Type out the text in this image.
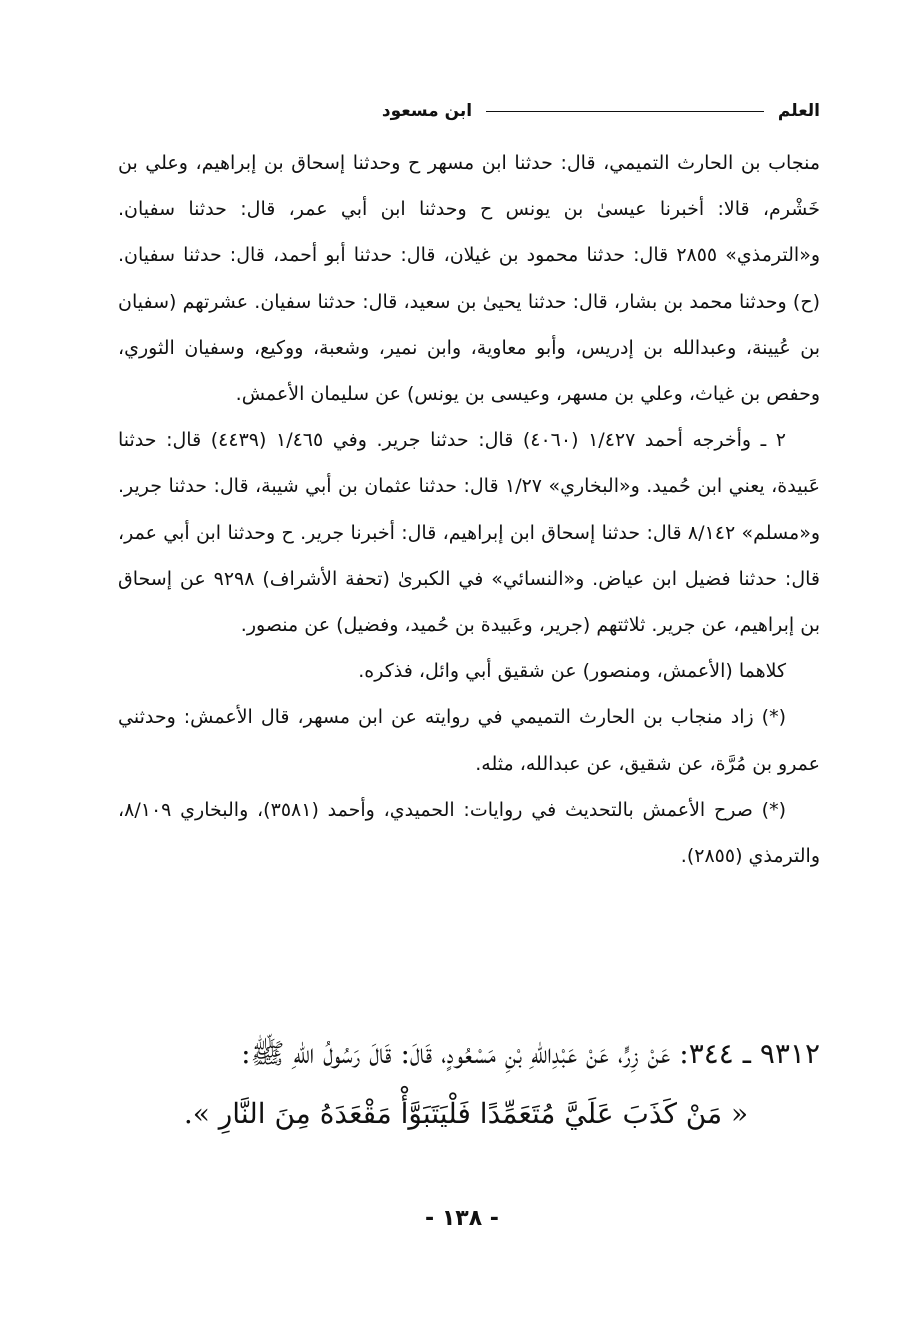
العلم
ابن مسعود

منجاب بن الحارث التميمي، قال: حدثنا ابن مسهر ح وحدثنا إسحاق بن إبراهيم، وعلي بن خَشْرم، قالا: أخبرنا عيسىٰ بن يونس ح وحدثنا ابن أبي عمر، قال: حدثنا سفيان. و«الترمذي» ٢٨٥٥ قال: حدثنا محمود بن غيلان، قال: حدثنا أبو أحمد، قال: حدثنا سفيان. (ح) وحدثنا محمد بن بشار، قال: حدثنا يحيىٰ بن سعيد، قال: حدثنا سفيان. عشرتهم (سفيان بن عُيينة، وعبدالله بن إدريس، وأبو معاوية، وابن نمير، وشعبة، ووكيع، وسفيان الثوري، وحفص بن غياث، وعلي بن مسهر، وعيسى بن يونس) عن سليمان الأعمش.

٢ ـ وأخرجه أحمد ١/٤٢٧ (٤٠٦٠) قال: حدثنا جرير. وفي ١/٤٦٥ (٤٤٣٩) قال: حدثنا عَبيدة، يعني ابن حُميد. و«البخاري» ١/٢٧ قال: حدثنا عثمان بن أبي شيبة، قال: حدثنا جرير. و«مسلم» ٨/١٤٢ قال: حدثنا إسحاق ابن إبراهيم، قال: أخبرنا جرير. ح وحدثنا ابن أبي عمر، قال: حدثنا فضيل ابن عياض. و«النسائي» في الكبرىٰ (تحفة الأشراف) ٩٢٩٨ عن إسحاق بن إبراهيم، عن جرير. ثلاثتهم (جرير، وعَبيدة بن حُميد، وفضيل) عن منصور.

كلاهما (الأعمش، ومنصور) عن شقيق أبي وائل، فذكره.

(*) زاد منجاب بن الحارث التميمي في روايته عن ابن مسهر، قال الأعمش: وحدثني عمرو بن مُرَّة، عن شقيق، عن عبدالله، مثله.

(*) صرح الأعمش بالتحديث في روايات: الحميدي، وأحمد (٣٥٨١)، والبخاري ٨/١٠٩، والترمذي (٢٨٥٥).

٩٣١٢ ـ ٣٤٤: عَنْ زِرٍّ، عَنْ عَبْدِاللهِ بْنِ مَسْعُودٍ، قَالَ: قَالَ رَسُولُ اللهِ ﷺ:

« مَنْ كَذَبَ عَلَيَّ مُتَعَمِّدًا فَلْيَتَبَوَّأْ مَقْعَدَهُ مِنَ النَّارِ ».

- ١٣٨ -
